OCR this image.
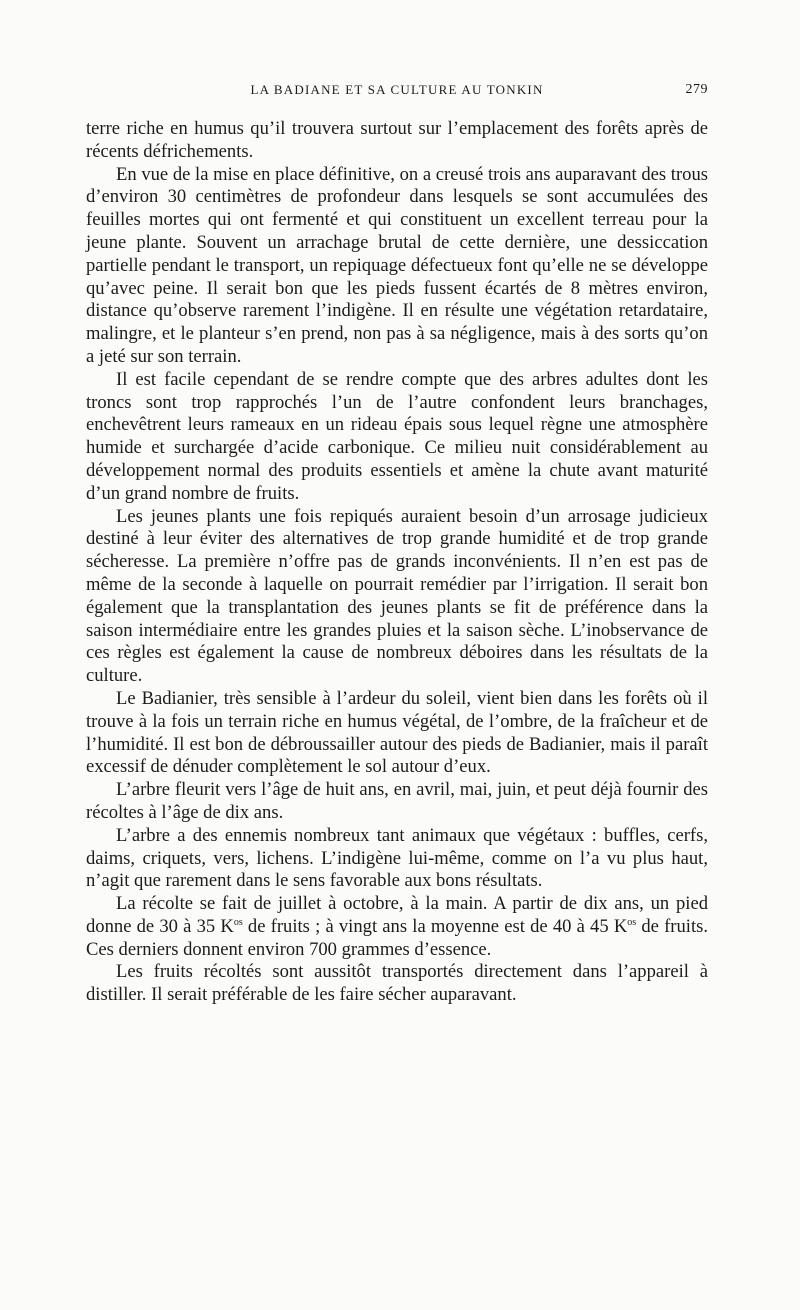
LA BADIANE ET SA CULTURE AU TONKIN	279

terre riche en humus qu’il trouvera surtout sur l’emplacement des forêts après de récents défrichements.

En vue de la mise en place définitive, on a creusé trois ans auparavant des trous d’environ 30 centimètres de profondeur dans lesquels se sont accumulées des feuilles mortes qui ont fermenté et qui constituent un excellent terreau pour la jeune plante. Souvent un arrachage brutal de cette dernière, une dessiccation partielle pendant le transport, un repiquage défectueux font qu’elle ne se développe qu’avec peine. Il serait bon que les pieds fussent écartés de 8 mètres environ, distance qu’observe rarement l’indigène. Il en résulte une végétation retardataire, malingre, et le planteur s’en prend, non pas à sa négligence, mais à des sorts qu’on a jeté sur son terrain.

Il est facile cependant de se rendre compte que des arbres adultes dont les troncs sont trop rapprochés l’un de l’autre confondent leurs branchages, enchevêtrent leurs rameaux en un rideau épais sous lequel règne une atmosphère humide et surchargée d’acide carbonique. Ce milieu nuit considérablement au développement normal des produits essentiels et amène la chute avant maturité d’un grand nombre de fruits.

Les jeunes plants une fois repiqués auraient besoin d’un arrosage judicieux destiné à leur éviter des alternatives de trop grande humidité et de trop grande sécheresse. La première n’offre pas de grands inconvénients. Il n’en est pas de même de la seconde à laquelle on pourrait remédier par l’irrigation. Il serait bon également que la transplantation des jeunes plants se fit de préférence dans la saison intermédiaire entre les grandes pluies et la saison sèche. L’inobservance de ces règles est également la cause de nombreux déboires dans les résultats de la culture.

Le Badianier, très sensible à l’ardeur du soleil, vient bien dans les forêts où il trouve à la fois un terrain riche en humus végétal, de l’ombre, de la fraîcheur et de l’humidité. Il est bon de débroussailler autour des pieds de Badianier, mais il paraît excessif de dénuder complètement le sol autour d’eux.

L’arbre fleurit vers l’âge de huit ans, en avril, mai, juin, et peut déjà fournir des récoltes à l’âge de dix ans.

L’arbre a des ennemis nombreux tant animaux que végétaux : buffles, cerfs, daims, criquets, vers, lichens. L’indigène lui-même, comme on l’a vu plus haut, n’agit que rarement dans le sens favorable aux bons résultats.

La récolte se fait de juillet à octobre, à la main. A partir de dix ans, un pied donne de 30 à 35 $K^{os}$ de fruits ; à vingt ans la moyenne est de 40 à 45 $K^{os}$ de fruits. Ces derniers donnent environ 700 grammes d’essence.

Les fruits récoltés sont aussitôt transportés directement dans l’appareil à distiller. Il serait préférable de les faire sécher auparavant.
